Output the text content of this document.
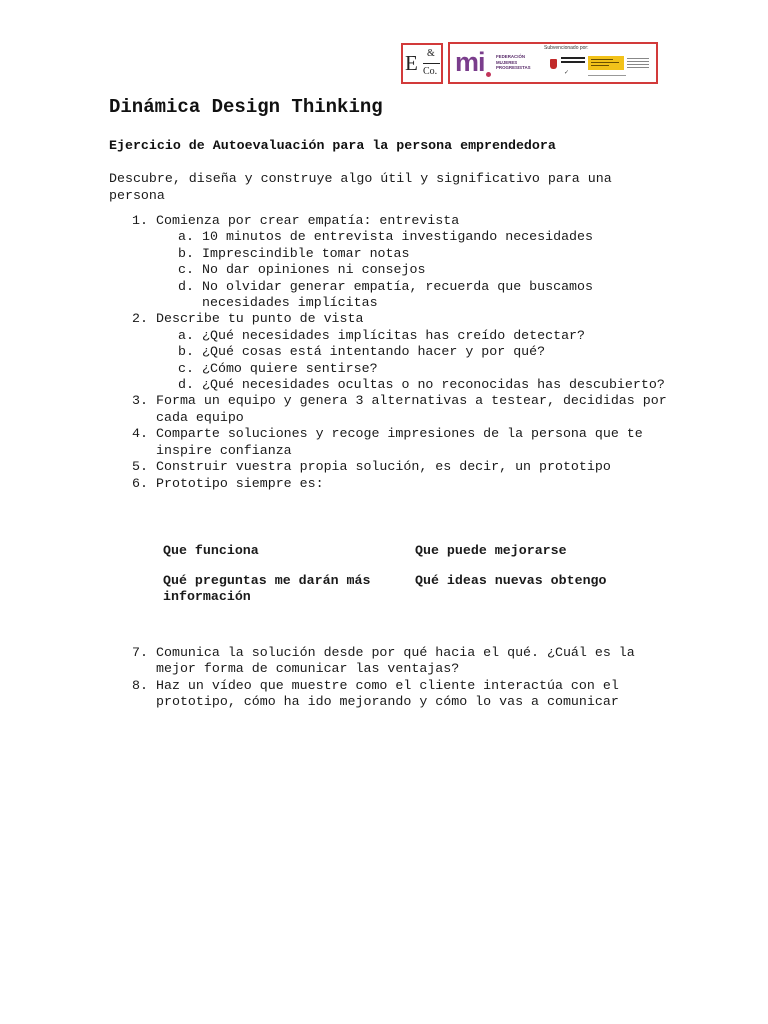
E &
Co. mi	FEDERACIÓN
MUJERES
PROGRESISTAS
Subvencionado por:
✓
Dinámica Design Thinking
Ejercicio de Autoevaluación para la persona emprendedora

Descubre, diseña y construye algo útil y significativo para una persona

1. Comienza por crear empatía: entrevista
a. 10 minutos de entrevista investigando necesidades
b. Imprescindible tomar notas
c. No dar opiniones ni consejos
d. No olvidar generar empatía, recuerda que buscamos necesidades implícitas
2. Describe tu punto de vista
a. ¿Qué necesidades implícitas has creído detectar?
b. ¿Qué cosas está intentando hacer y por qué?
c. ¿Cómo quiere sentirse?
d. ¿Qué necesidades ocultas o no reconocidas has descubierto?
3. Forma un equipo y genera 3 alternativas a testear, decididas por cada equipo
4. Comparte soluciones y recoge impresiones de la persona que te inspire confianza
5. Construir vuestra propia solución, es decir, un prototipo
6. Prototipo siempre es:
Que funciona	Que puede mejorarse
Qué preguntas me darán más información
Qué ideas nuevas obtengo
7. Comunica la solución desde por qué hacia el qué. ¿Cuál es la mejor forma de comunicar las ventajas?
8. Haz un vídeo que muestre como el cliente interactúa con el prototipo, cómo ha ido mejorando y cómo lo vas a comunicar
